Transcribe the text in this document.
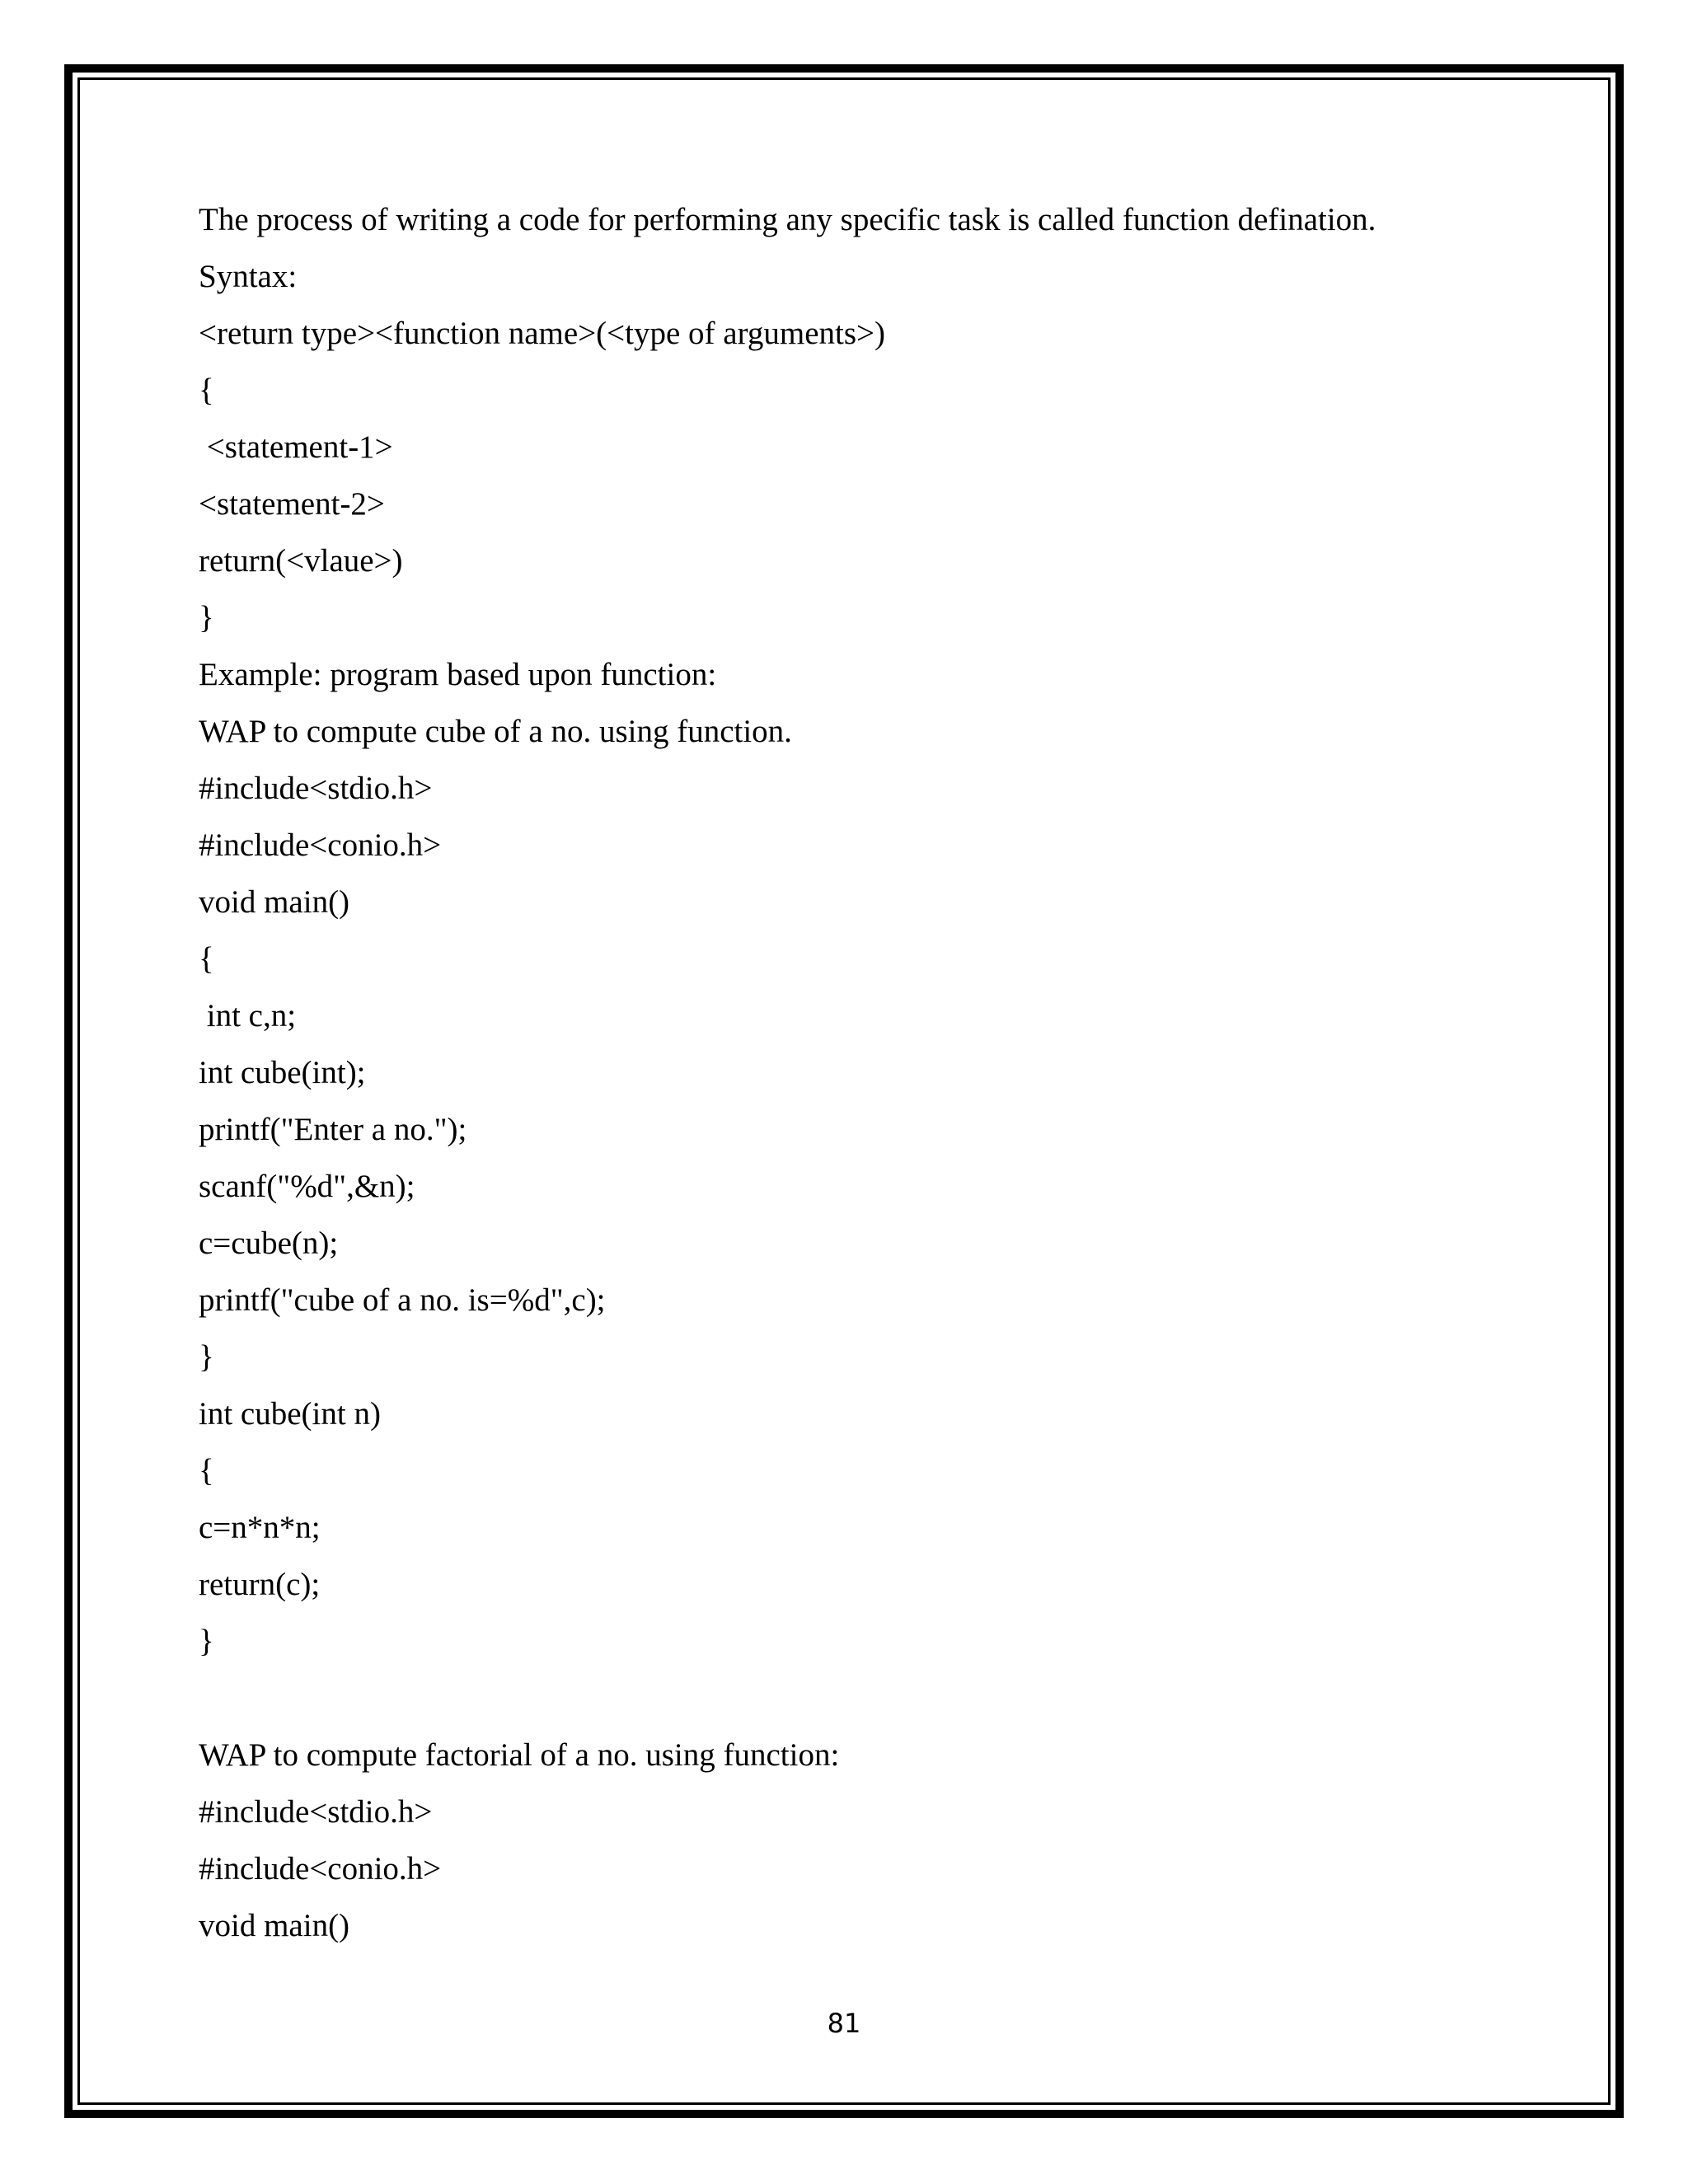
The process of writing a code for performing any specific task is called function defination.
Syntax:
<return type><function name>(<type of arguments>)
{
<statement-1>
<statement-2>
return(<vlaue>)
}
Example: program based upon function:
WAP to compute cube of a no. using function.
#include<stdio.h>
#include<conio.h>
void main()
{
int c,n;
int cube(int);
printf("Enter a no.");
scanf("%d",&n);
c=cube(n);
printf("cube of a no. is=%d",c);
}
int cube(int n)
{
c=n*n*n;
return(c);
}
WAP to compute factorial of a no. using function:
#include<stdio.h>
#include<conio.h>
void main()
81
